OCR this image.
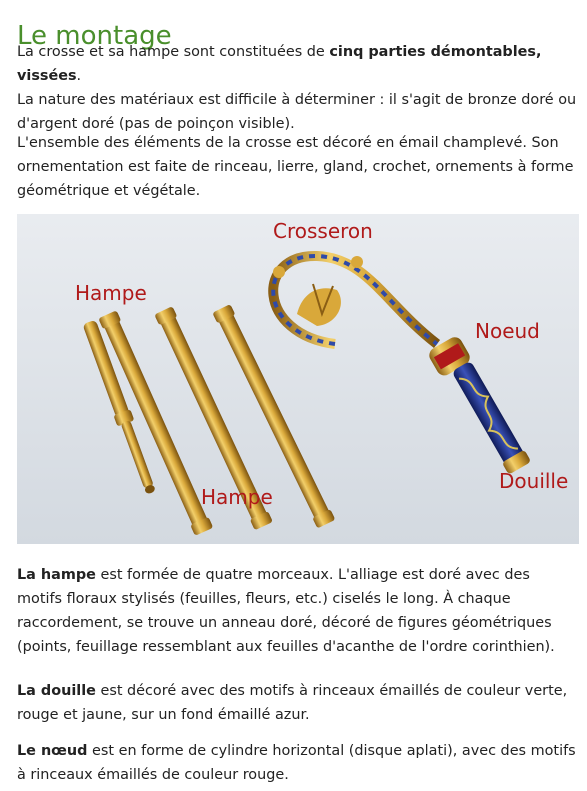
Le montage

La crosse et sa hampe sont constituées de cinq parties démontables, vissées.
La nature des matériaux est difficile à déterminer : il s'agit de bronze doré ou d'argent doré (pas de poinçon visible).

L'ensemble des éléments de la crosse est décoré en émail champlevé. Son ornementation est faite de rinceau, lierre, gland, crochet, ornements à forme géométrique et végétale.

Crosseron
Hampe
Noeud
Hampe
Douille

La hampe est formée de quatre morceaux. L'alliage est doré avec des motifs floraux stylisés (feuilles, fleurs, etc.) ciselés le long. À chaque raccordement, se trouve un anneau doré, décoré de figures géométriques (points, feuillage ressemblant aux feuilles d'acanthe de l'ordre corinthien).

La douille est décoré avec des motifs à rinceaux émaillés de couleur verte, rouge et jaune, sur un fond émaillé azur.

Le nœud est en forme de cylindre horizontal (disque aplati), avec des motifs à rinceaux émaillés de couleur rouge.
